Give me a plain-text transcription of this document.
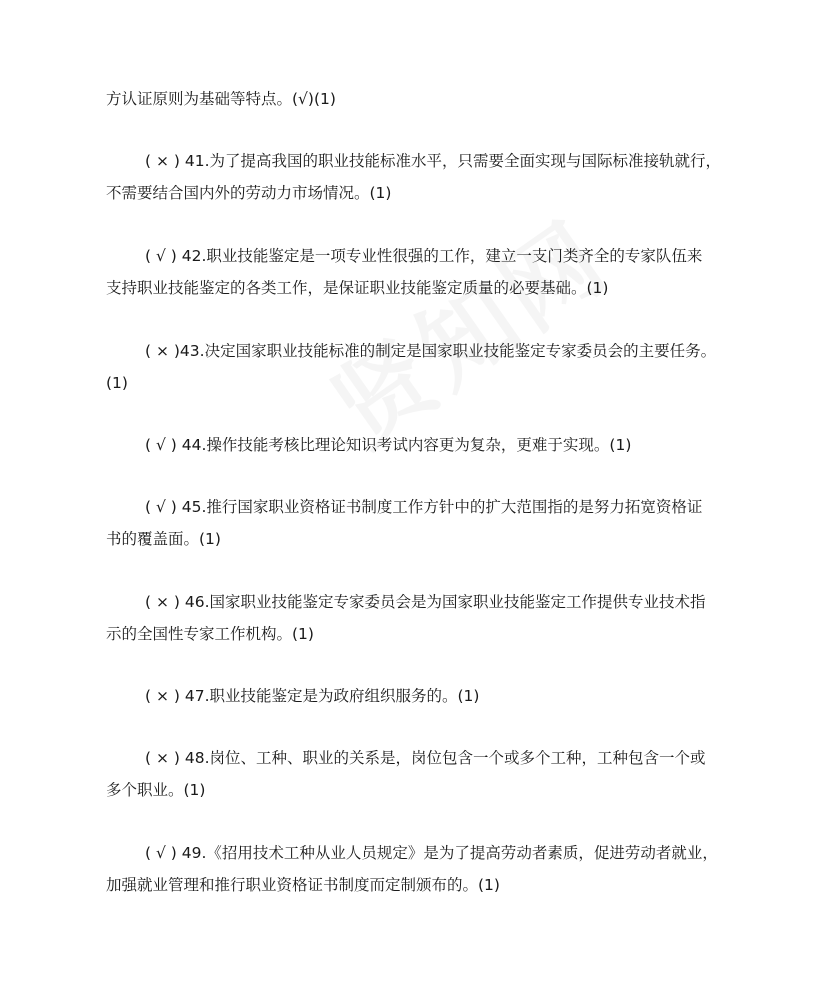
方认证原则为基础等特点。(√)(1)
( × ) 41.为了提高我国的职业技能标准水平，只需要全面实现与国际标准接轨就行，
不需要结合国内外的劳动力市场情况。(1)
( √ ) 42.职业技能鉴定是一项专业性很强的工作，建立一支门类齐全的专家队伍来
支持职业技能鉴定的各类工作，是保证职业技能鉴定质量的必要基础。(1)
( × )43.决定国家职业技能标准的制定是国家职业技能鉴定专家委员会的主要任务。
(1)
( √ ) 44.操作技能考核比理论知识考试内容更为复杂，更难于实现。(1)
( √ ) 45.推行国家职业资格证书制度工作方针中的扩大范围指的是努力拓宽资格证
书的覆盖面。(1)
( × ) 46.国家职业技能鉴定专家委员会是为国家职业技能鉴定工作提供专业技术指
示的全国性专家工作机构。(1)
( × ) 47.职业技能鉴定是为政府组织服务的。(1)
( × ) 48.岗位、工种、职业的关系是，岗位包含一个或多个工种，工种包含一个或
多个职业。(1)
( √ ) 49.《招用技术工种从业人员规定》是为了提高劳动者素质，促进劳动者就业，
加强就业管理和推行职业资格证书制度而定制颁布的。(1)
